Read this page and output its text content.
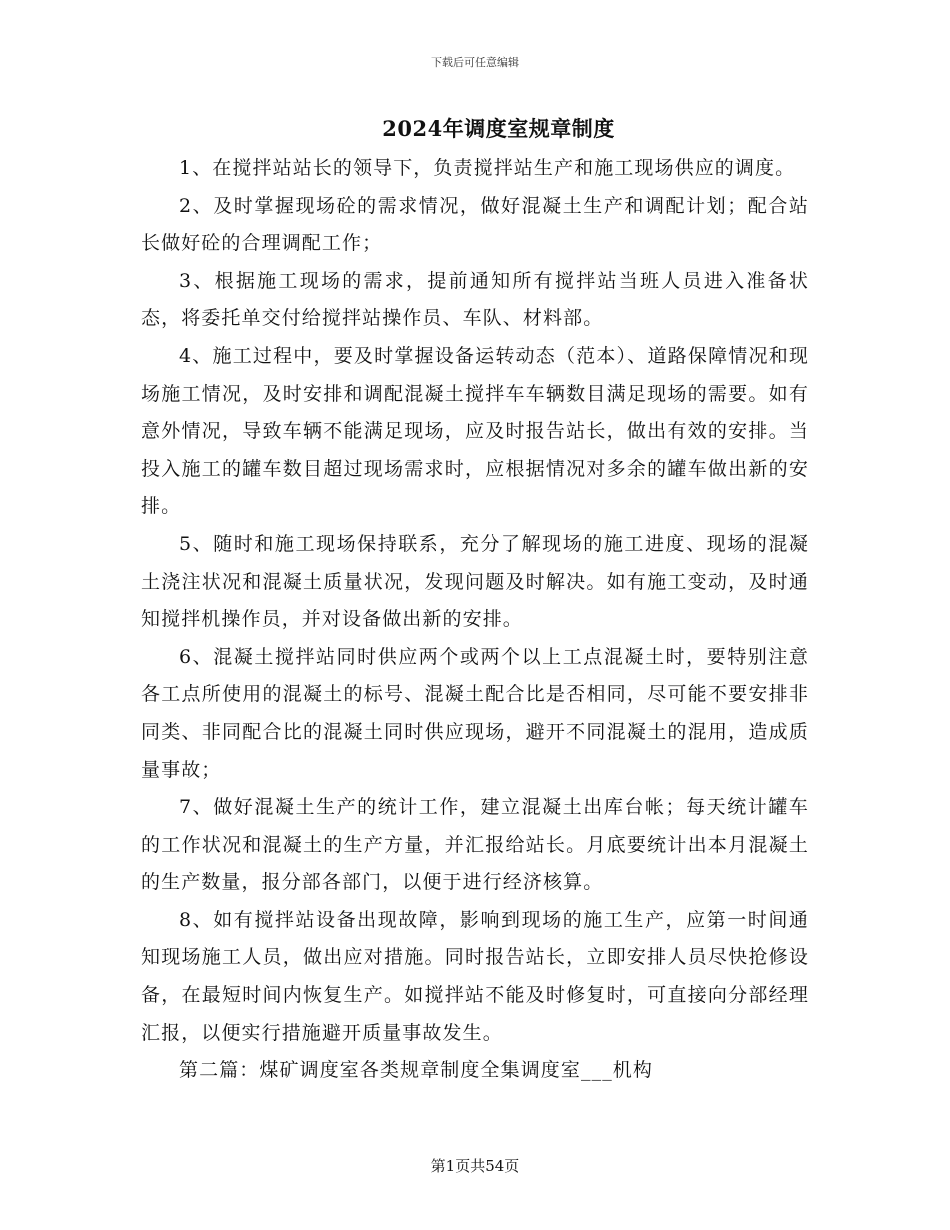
下载后可任意编辑
2024年调度室规章制度

1、在搅拌站站长的领导下，负责搅拌站生产和施工现场供应的调度。

2、及时掌握现场砼的需求情况，做好混凝土生产和调配计划；配合站长做好砼的合理调配工作；

3、根据施工现场的需求，提前通知所有搅拌站当班人员进入准备状态，将委托单交付给搅拌站操作员、车队、材料部。

4、施工过程中，要及时掌握设备运转动态（范本）、道路保障情况和现场施工情况，及时安排和调配混凝土搅拌车车辆数目满足现场的需要。如有意外情况，导致车辆不能满足现场，应及时报告站长，做出有效的安排。当投入施工的罐车数目超过现场需求时，应根据情况对多余的罐车做出新的安排。

5、随时和施工现场保持联系，充分了解现场的施工进度、现场的混凝土浇注状况和混凝土质量状况，发现问题及时解决。如有施工变动，及时通知搅拌机操作员，并对设备做出新的安排。

6、混凝土搅拌站同时供应两个或两个以上工点混凝土时，要特别注意各工点所使用的混凝土的标号、混凝土配合比是否相同，尽可能不要安排非同类、非同配合比的混凝土同时供应现场，避开不同混凝土的混用，造成质量事故；

7、做好混凝土生产的统计工作，建立混凝土出库台帐；每天统计罐车的工作状况和混凝土的生产方量，并汇报给站长。月底要统计出本月混凝土的生产数量，报分部各部门，以便于进行经济核算。

8、如有搅拌站设备出现故障，影响到现场的施工生产，应第一时间通知现场施工人员，做出应对措施。同时报告站长，立即安排人员尽快抢修设备，在最短时间内恢复生产。如搅拌站不能及时修复时，可直接向分部经理汇报，以便实行措施避开质量事故发生。

第二篇：煤矿调度室各类规章制度全集调度室___机构

第1页共54页
